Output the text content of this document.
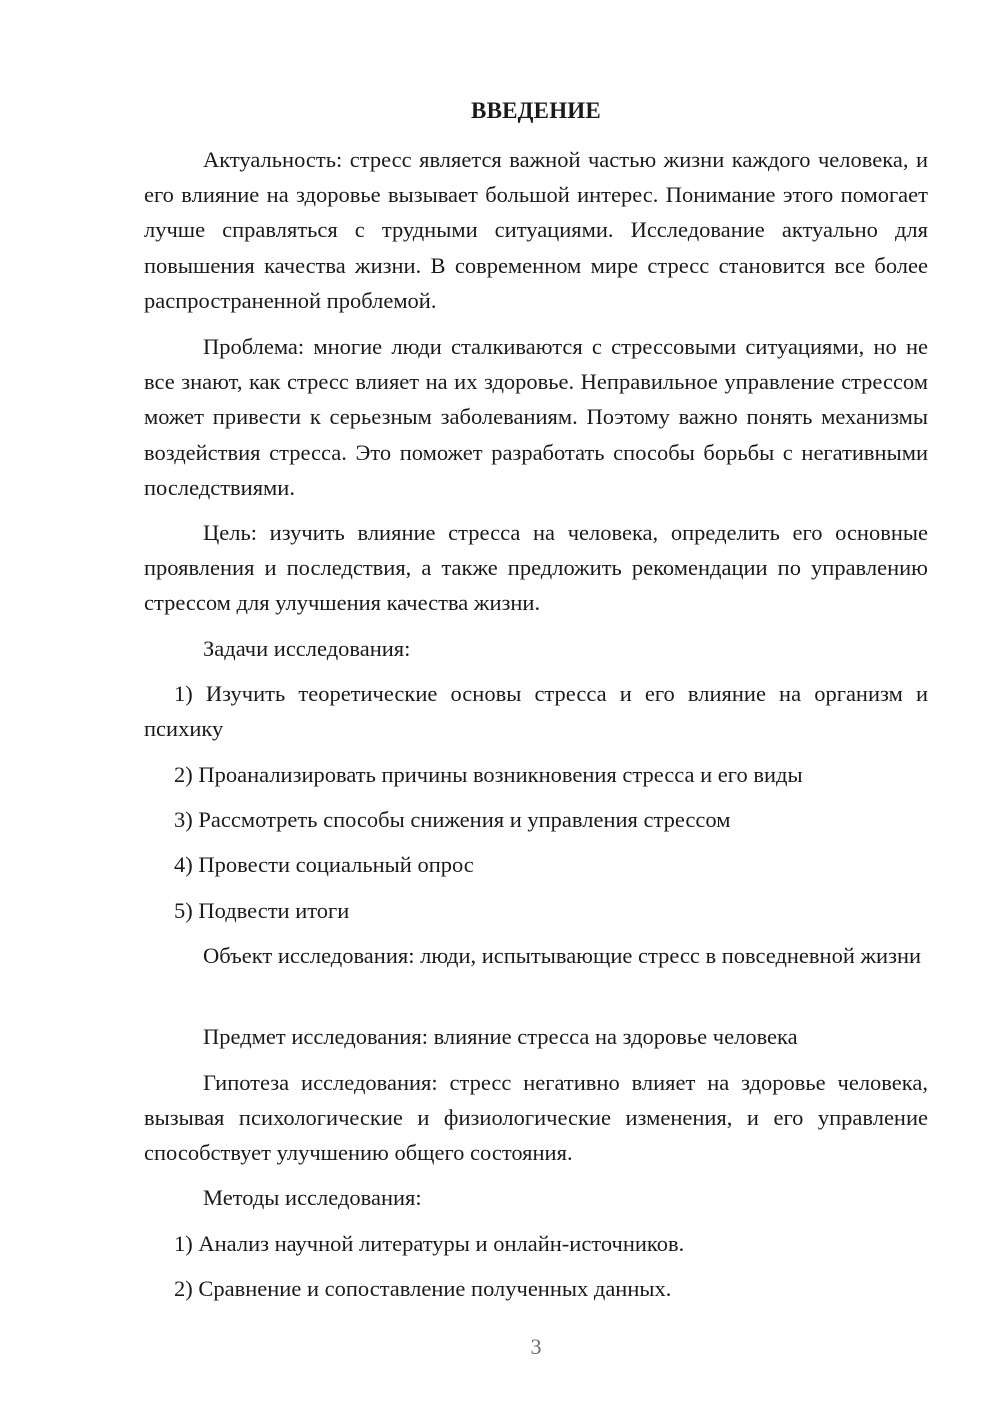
ВВЕДЕНИЕ

Актуальность: стресс является важной частью жизни каждого человека, и его влияние на здоровье вызывает большой интерес. Понимание этого помогает лучше справляться с трудными ситуациями. Исследование актуально для повышения качества жизни. В современном мире стресс становится все более распространенной проблемой.

Проблема: многие люди сталкиваются с стрессовыми ситуациями, но не все знают, как стресс влияет на их здоровье. Неправильное управление стрессом может привести к серьезным заболеваниям. Поэтому важно понять механизмы воздействия стресса. Это поможет разработать способы борьбы с негативными последствиями.

Цель: изучить влияние стресса на человека, определить его основные проявления и последствия, а также предложить рекомендации по управлению стрессом для улучшения качества жизни.

Задачи исследования:

1) Изучить теоретические основы стресса и его влияние на организм и психику

2) Проанализировать причины возникновения стресса и его виды

3) Рассмотреть способы снижения и управления стрессом

4) Провести социальный опрос

5) Подвести итоги

Объект исследования: люди, испытывающие стресс в повседневной жизни

Предмет исследования: влияние стресса на здоровье человека

Гипотеза исследования: стресс негативно влияет на здоровье человека, вызывая психологические и физиологические изменения, и его управление способствует улучшению общего состояния.

Методы исследования:

1) Анализ научной литературы и онлайн-источников.

2) Сравнение и сопоставление полученных данных.

3
